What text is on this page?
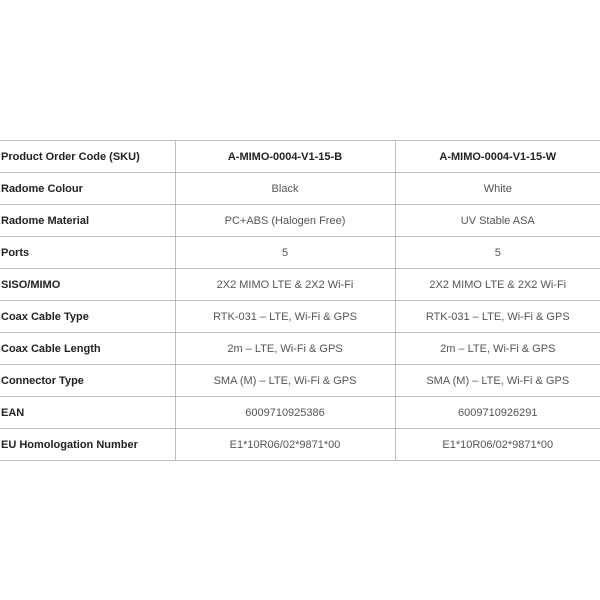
Product Order Code (SKU)	A-MIMO-0004-V1-15-B	A-MIMO-0004-V1-15-W
Radome Colour	Black	White
Radome Material	PC+ABS (Halogen Free)	UV Stable ASA
Ports	5	5
SISO/MIMO	2X2 MIMO LTE & 2X2 Wi-Fi	2X2 MIMO LTE & 2X2 Wi-Fi
Coax Cable Type	RTK-031 – LTE, Wi-Fi & GPS	RTK-031 – LTE, Wi-Fi & GPS
Coax Cable Length	2m – LTE, Wi-Fi & GPS	2m – LTE, Wi-Fi & GPS
Connector Type	SMA (M) – LTE, Wi-Fi & GPS	SMA (M) – LTE, Wi-Fi & GPS
EAN	6009710925386	6009710926291
EU Homologation Number	E1*10R06/02*9871*00	E1*10R06/02*9871*00
